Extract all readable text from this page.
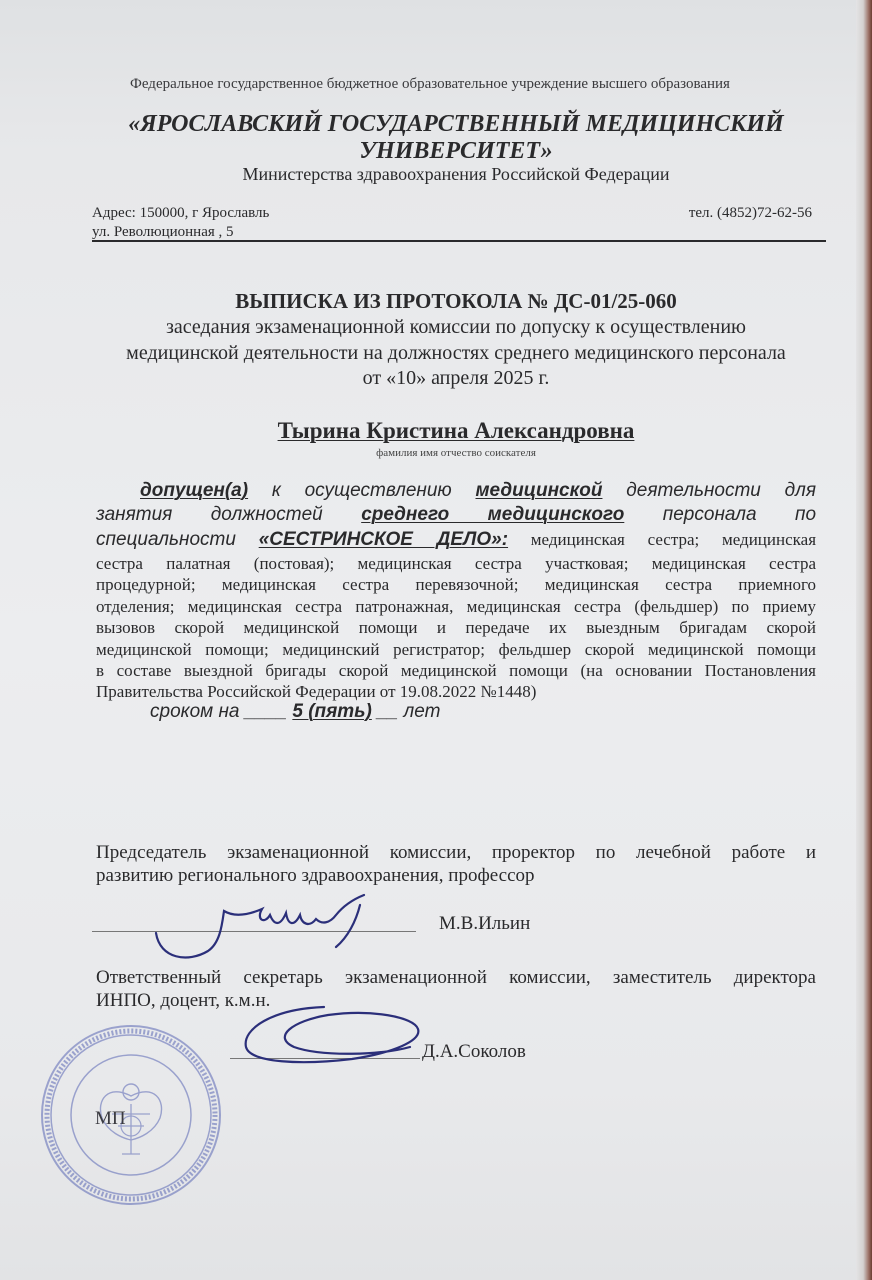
Федеральное государственное бюджетное образовательное учреждение высшего образования
«ЯРОСЛАВСКИЙ ГОСУДАРСТВЕННЫЙ МЕДИЦИНСКИЙ
УНИВЕРСИТЕТ»
Министерства здравоохранения Российской Федерации
Адрес: 150000, г Ярославль
ул. Революционная , 5
тел. (4852)72-62-56
ВЫПИСКА ИЗ ПРОТОКОЛА № ДС-01/25-060
заседания экзаменационной комиссии по допуску к осуществлению
медицинской деятельности на должностях среднего медицинского персонала
от «10» апреля 2025 г.
Тырина Кристина Александровна
фамилия имя отчество соискателя
допущен(а) к осуществлению медицинской деятельности для
занятия должностей среднего медицинского персонала по
специальности «СЕСТРИНСКОЕ ДЕЛО»: медицинская сестра; медицинская
сестра палатная (постовая); медицинская сестра участковая; медицинская сестра
процедурной; медицинская сестра перевязочной; медицинская сестра приемного
отделения; медицинская сестра патронажная, медицинская сестра (фельдшер) по приему
вызовов скорой медицинской помощи и передаче их выездным бригадам скорой
медицинской помощи; медицинский регистратор; фельдшер скорой медицинской помощи
в составе выездной бригады скорой медицинской помощи (на основании Постановления
Правительства Российской Федерации от 19.08.2022 №1448)
сроком на ____ 5 (пять) __ лет
Председатель экзаменационной комиссии, проректор по лечебной работе и
развитию регионального здравоохранения, профессор
М.В.Ильин
Ответственный секретарь экзаменационной комиссии, заместитель директора
ИНПО, доцент, к.м.н.
Д.А.Соколов
МП
